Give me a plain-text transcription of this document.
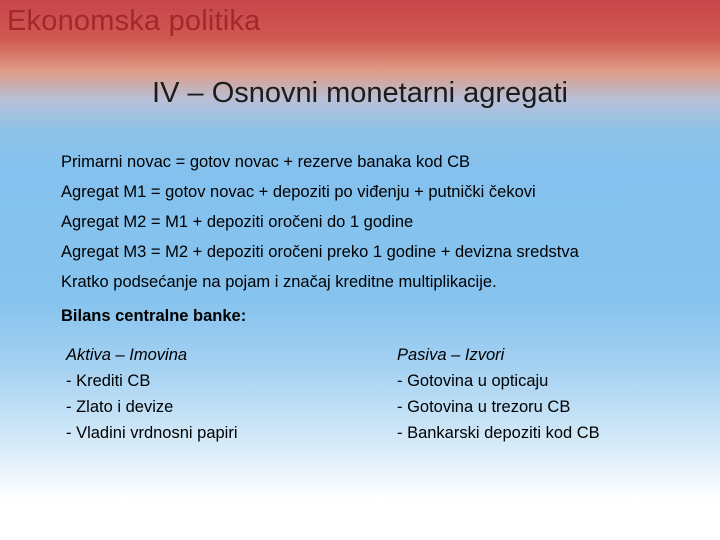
Ekonomska politika
IV – Osnovni monetarni agregati
Primarni novac = gotov novac + rezerve banaka kod CB
Agregat M1 = gotov novac + depoziti po viđenju + putnički čekovi
Agregat M2 = M1 + depoziti oročeni do 1 godine
Agregat M3 = M2 + depoziti oročeni preko 1 godine + devizna sredstva
Kratko podsećanje na pojam i značaj kreditne multiplikacije.
Bilans centralne banke:
Aktiva – Imovina
- Krediti CB
- Zlato i devize
- Vladini vrdnosni papiri
Pasiva – Izvori
- Gotovina u opticaju
- Gotovina u trezoru CB
- Bankarski depoziti kod CB
